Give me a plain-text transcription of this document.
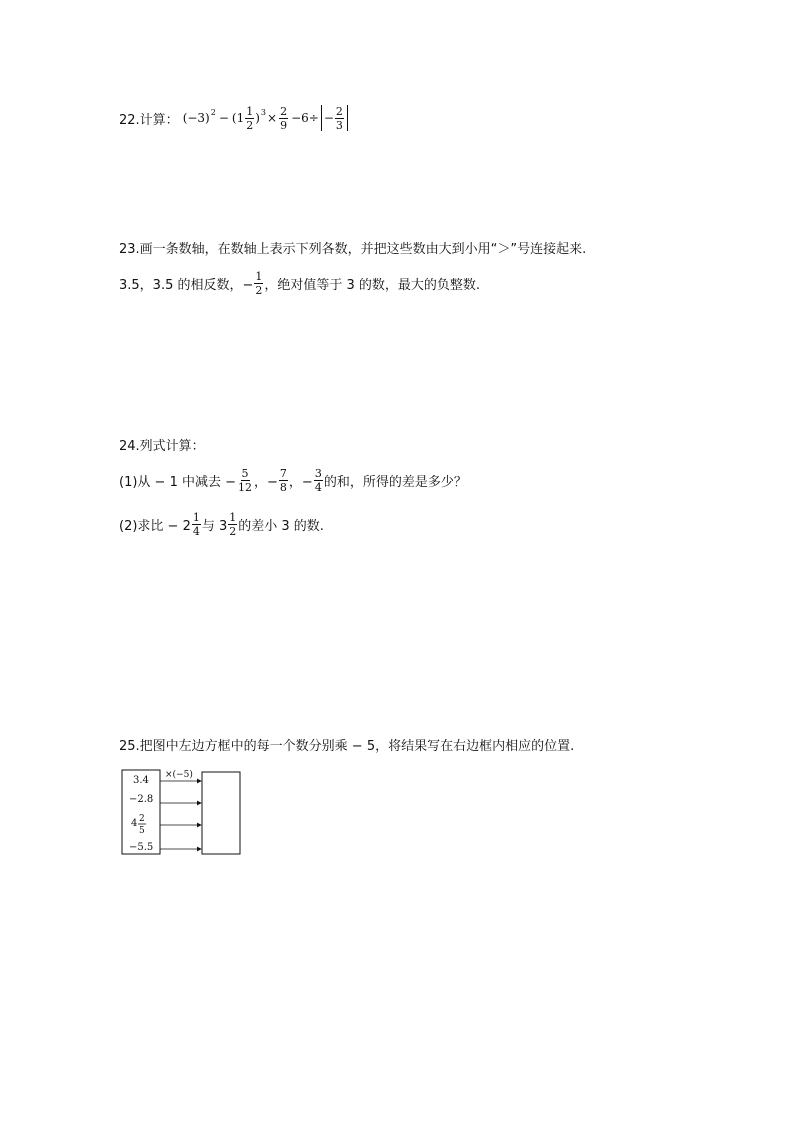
22.计算： (−3) $2 - (1 \frac{1}{2}$ ) $3 \times \frac{2}{9} -6\div - \frac{2}{3}$
23.画一条数轴，在数轴上表示下列各数，并把这些数由大到小用“＞”号连接起来.
3.5，3.5 的相反数，− $\frac{1}{2}$ ，绝对值等于 3 的数，最大的负整数.
24.列式计算：
(1)从 − 1 中减去 − $\frac{5}{12}$ ，− $\frac{7}{8}$ ，− $\frac{3}{4}$ 的和，所得的差是多少？
(2)求比 − $2 \frac{1}{4}$ 与 $3 \frac{1}{2}$ 的差小 3 的数.
25.把图中左边方框中的每一个数分别乘 − 5，将结果写在右边框内相应的位置.
×(−5)
3.4
−2.8
4 2
5
−5.5
